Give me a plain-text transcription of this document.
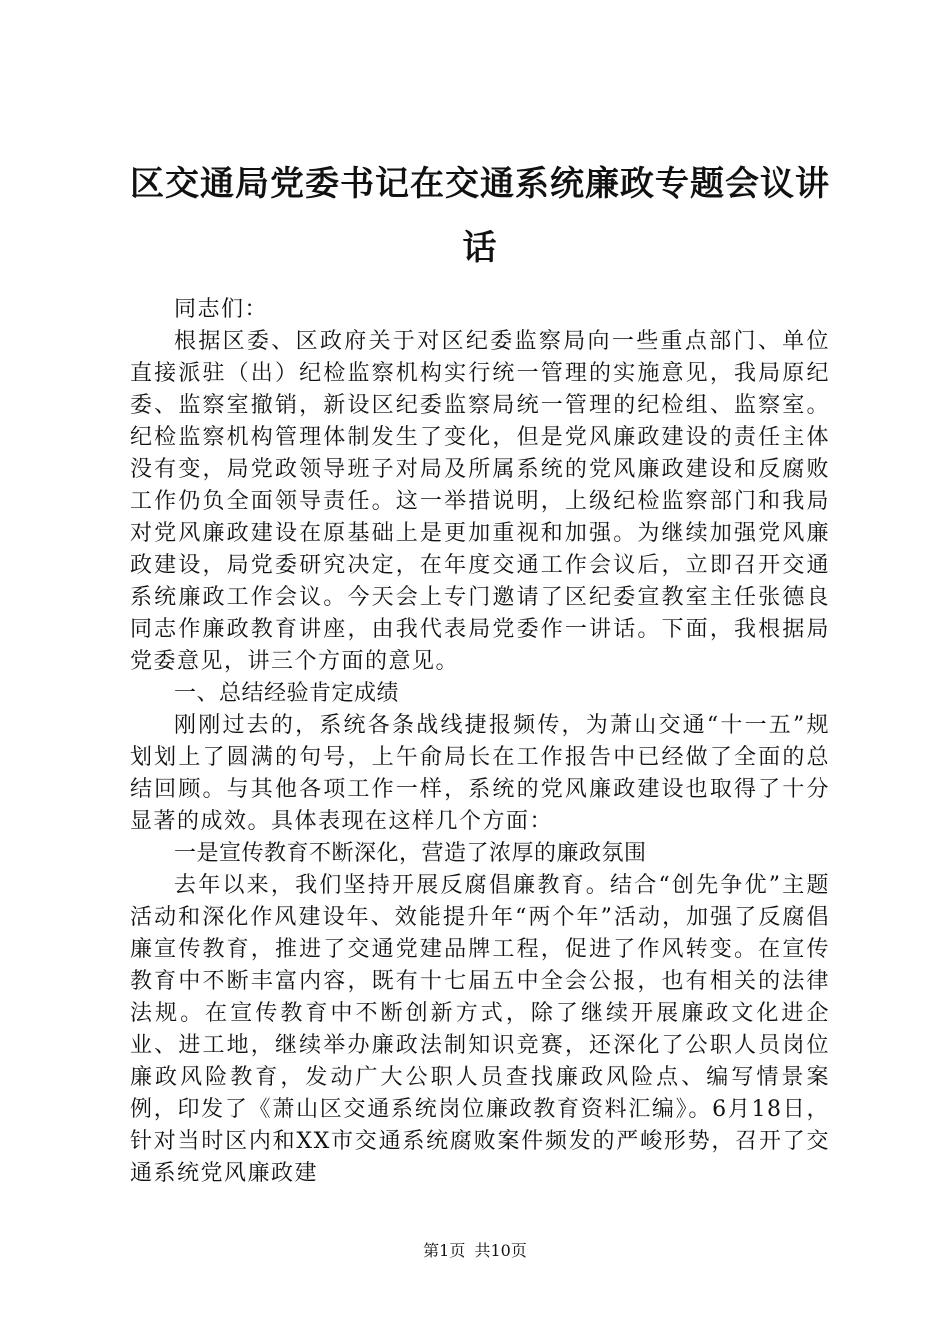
区交通局党委书记在交通系统廉政专题会议讲话

同志们：

根据区委、区政府关于对区纪委监察局向一些重点部门、单位直接派驻（出）纪检监察机构实行统一管理的实施意见，我局原纪委、监察室撤销，新设区纪委监察局统一管理的纪检组、监察室。纪检监察机构管理体制发生了变化，但是党风廉政建设的责任主体没有变，局党政领导班子对局及所属系统的党风廉政建设和反腐败工作仍负全面领导责任。这一举措说明，上级纪检监察部门和我局对党风廉政建设在原基础上是更加重视和加强。为继续加强党风廉政建设，局党委研究决定，在年度交通工作会议后，立即召开交通系统廉政工作会议。今天会上专门邀请了区纪委宣教室主任张德良同志作廉政教育讲座，由我代表局党委作一讲话。下面，我根据局党委意见，讲三个方面的意见。

一、总结经验肯定成绩

刚刚过去的，系统各条战线捷报频传，为萧山交通“十一五”规划划上了圆满的句号，上午俞局长在工作报告中已经做了全面的总结回顾。与其他各项工作一样，系统的党风廉政建设也取得了十分显著的成效。具体表现在这样几个方面：

一是宣传教育不断深化，营造了浓厚的廉政氛围

去年以来，我们坚持开展反腐倡廉教育。结合“创先争优”主题活动和深化作风建设年、效能提升年“两个年”活动，加强了反腐倡廉宣传教育，推进了交通党建品牌工程，促进了作风转变。在宣传教育中不断丰富内容，既有十七届五中全会公报，也有相关的法律法规。在宣传教育中不断创新方式，除了继续开展廉政文化进企业、进工地，继续举办廉政法制知识竞赛，还深化了公职人员岗位廉政风险教育，发动广大公职人员查找廉政风险点、编写情景案例，印发了《萧山区交通系统岗位廉政教育资料汇编》。6月18日，针对当时区内和XX市交通系统腐败案件频发的严峻形势，召开了交通系统党风廉政建

第1页 共10页
